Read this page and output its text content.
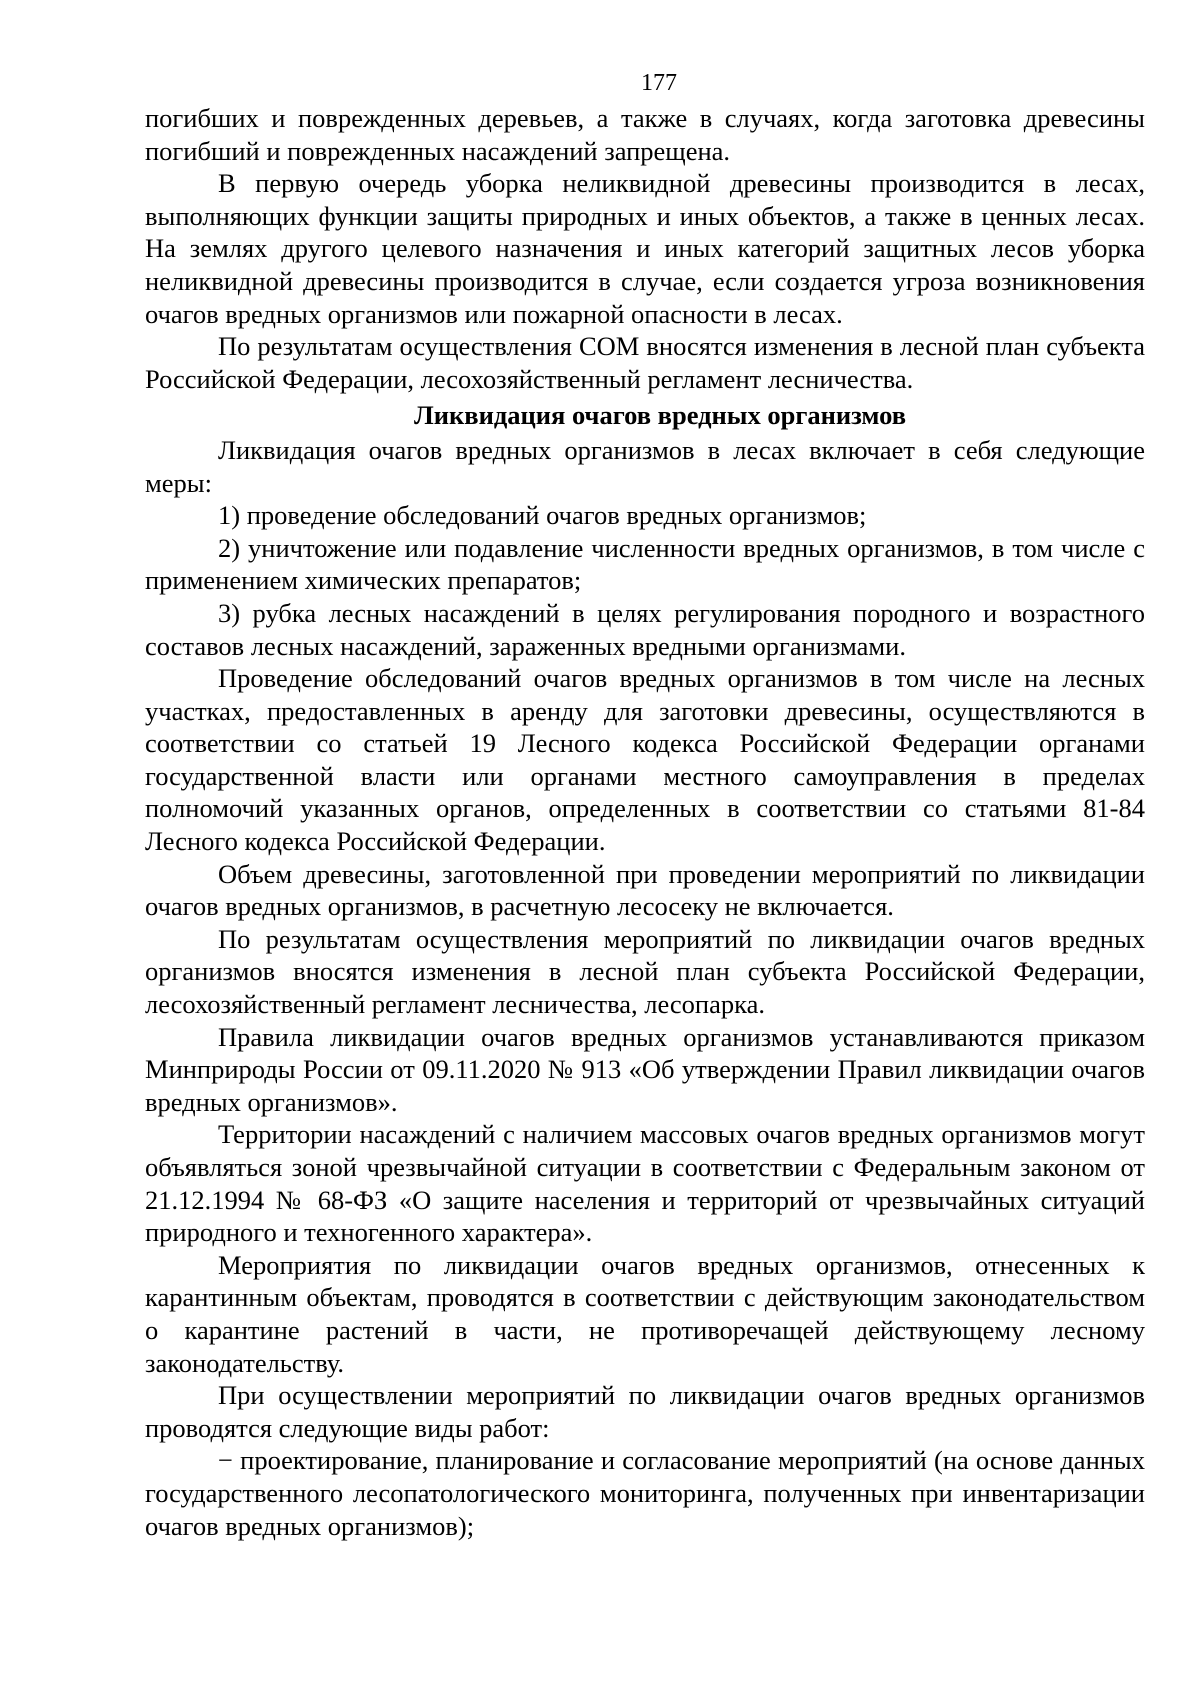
177

погибших и поврежденных деревьев, а также в случаях, когда заготовка древесины погибший и поврежденных насаждений запрещена.

В первую очередь уборка неликвидной древесины производится в лесах, выполняющих функции защиты природных и иных объектов, а также в ценных лесах. На землях другого целевого назначения и иных категорий защитных лесов уборка неликвидной древесины производится в случае, если создается угроза возникновения очагов вредных организмов или пожарной опасности в лесах.

По результатам осуществления СОМ вносятся изменения в лесной план субъекта Российской Федерации, лесохозяйственный регламент лесничества.

Ликвидация очагов вредных организмов

Ликвидация очагов вредных организмов в лесах включает в себя следующие меры:

1) проведение обследований очагов вредных организмов;

2) уничтожение или подавление численности вредных организмов, в том числе с применением химических препаратов;

3) рубка лесных насаждений в целях регулирования породного и возрастного составов лесных насаждений, зараженных вредными организмами.

Проведение обследований очагов вредных организмов в том числе на лесных участках, предоставленных в аренду для заготовки древесины, осуществляются в соответствии со статьей 19 Лесного кодекса Российской Федерации органами государственной власти или органами местного самоуправления в пределах полномочий указанных органов, определенных в соответствии со статьями 81-84 Лесного кодекса Российской Федерации.

Объем древесины, заготовленной при проведении мероприятий по ликвидации очагов вредных организмов, в расчетную лесосеку не включается.

По результатам осуществления мероприятий по ликвидации очагов вредных организмов вносятся изменения в лесной план субъекта Российской Федерации, лесохозяйственный регламент лесничества, лесопарка.

Правила ликвидации очагов вредных организмов устанавливаются приказом Минприроды России от 09.11.2020 № 913 «Об утверждении Правил ликвидации очагов вредных организмов».

Территории насаждений с наличием массовых очагов вредных организмов могут объявляться зоной чрезвычайной ситуации в соответствии с Федеральным законом от 21.12.1994 № 68-ФЗ «О защите населения и территорий от чрезвычайных ситуаций природного и техногенного характера».

Мероприятия по ликвидации очагов вредных организмов, отнесенных к карантинным объектам, проводятся в соответствии с действующим законодательством о карантине растений в части, не противоречащей действующему лесному законодательству.

При осуществлении мероприятий по ликвидации очагов вредных организмов проводятся следующие виды работ:

− проектирование, планирование и согласование мероприятий (на основе данных государственного лесопатологического мониторинга, полученных при инвентаризации очагов вредных организмов);
